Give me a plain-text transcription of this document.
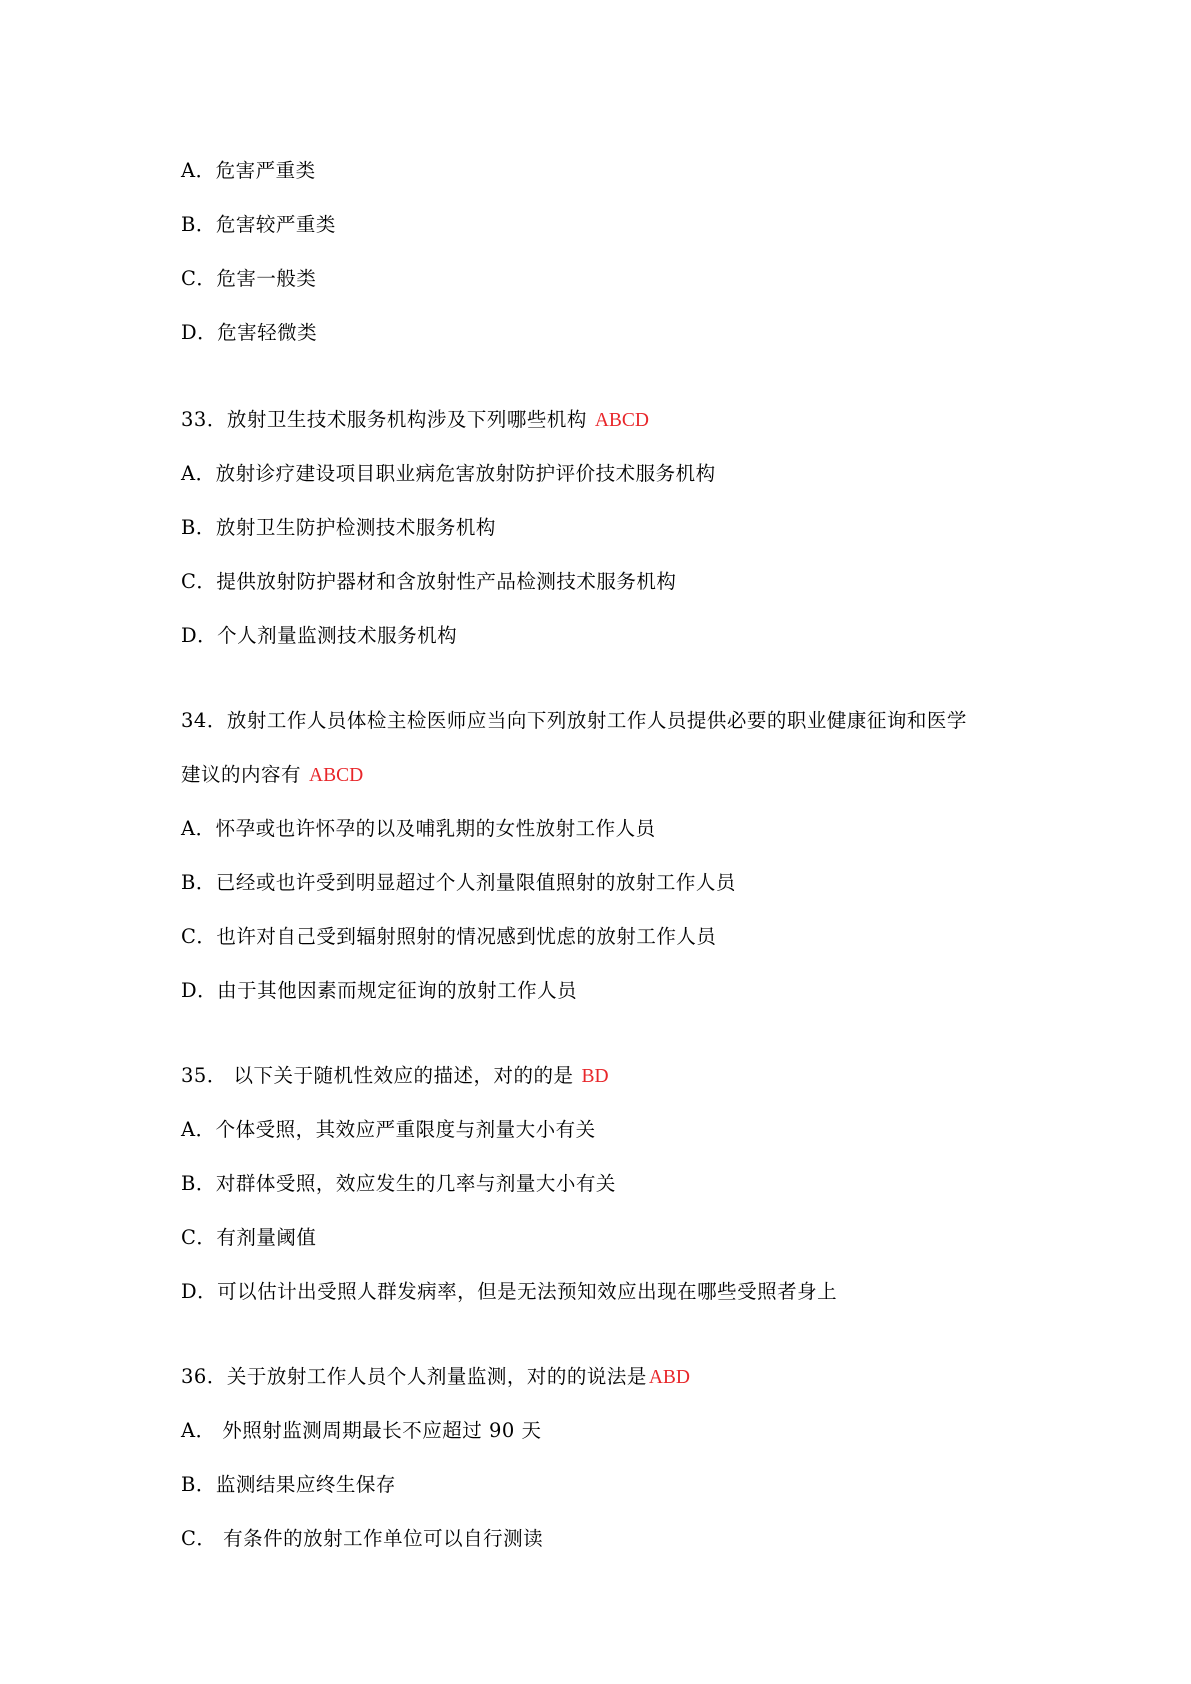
A．危害严重类
B．危害较严重类
C．危害一般类
D．危害轻微类
33．放射卫生技术服务机构涉及下列哪些机构 ABCD
A．放射诊疗建设项目职业病危害放射防护评价技术服务机构
B．放射卫生防护检测技术服务机构
C．提供放射防护器材和含放射性产品检测技术服务机构
D．个人剂量监测技术服务机构
34．放射工作人员体检主检医师应当向下列放射工作人员提供必要的职业健康征询和医学
建议的内容有 ABCD
A．怀孕或也许怀孕的以及哺乳期的女性放射工作人员
B．已经或也许受到明显超过个人剂量限值照射的放射工作人员
C．也许对自己受到辐射照射的情况感到忧虑的放射工作人员
D．由于其他因素而规定征询的放射工作人员
35． 以下关于随机性效应的描述，对的的是 BD
A．个体受照，其效应严重限度与剂量大小有关
B．对群体受照，效应发生的几率与剂量大小有关
C．有剂量阈值
D．可以估计出受照人群发病率，但是无法预知效应出现在哪些受照者身上
36．关于放射工作人员个人剂量监测，对的的说法是 ABD
A． 外照射监测周期最长不应超过 90 天
B．监测结果应终生保存
C． 有条件的放射工作单位可以自行测读
